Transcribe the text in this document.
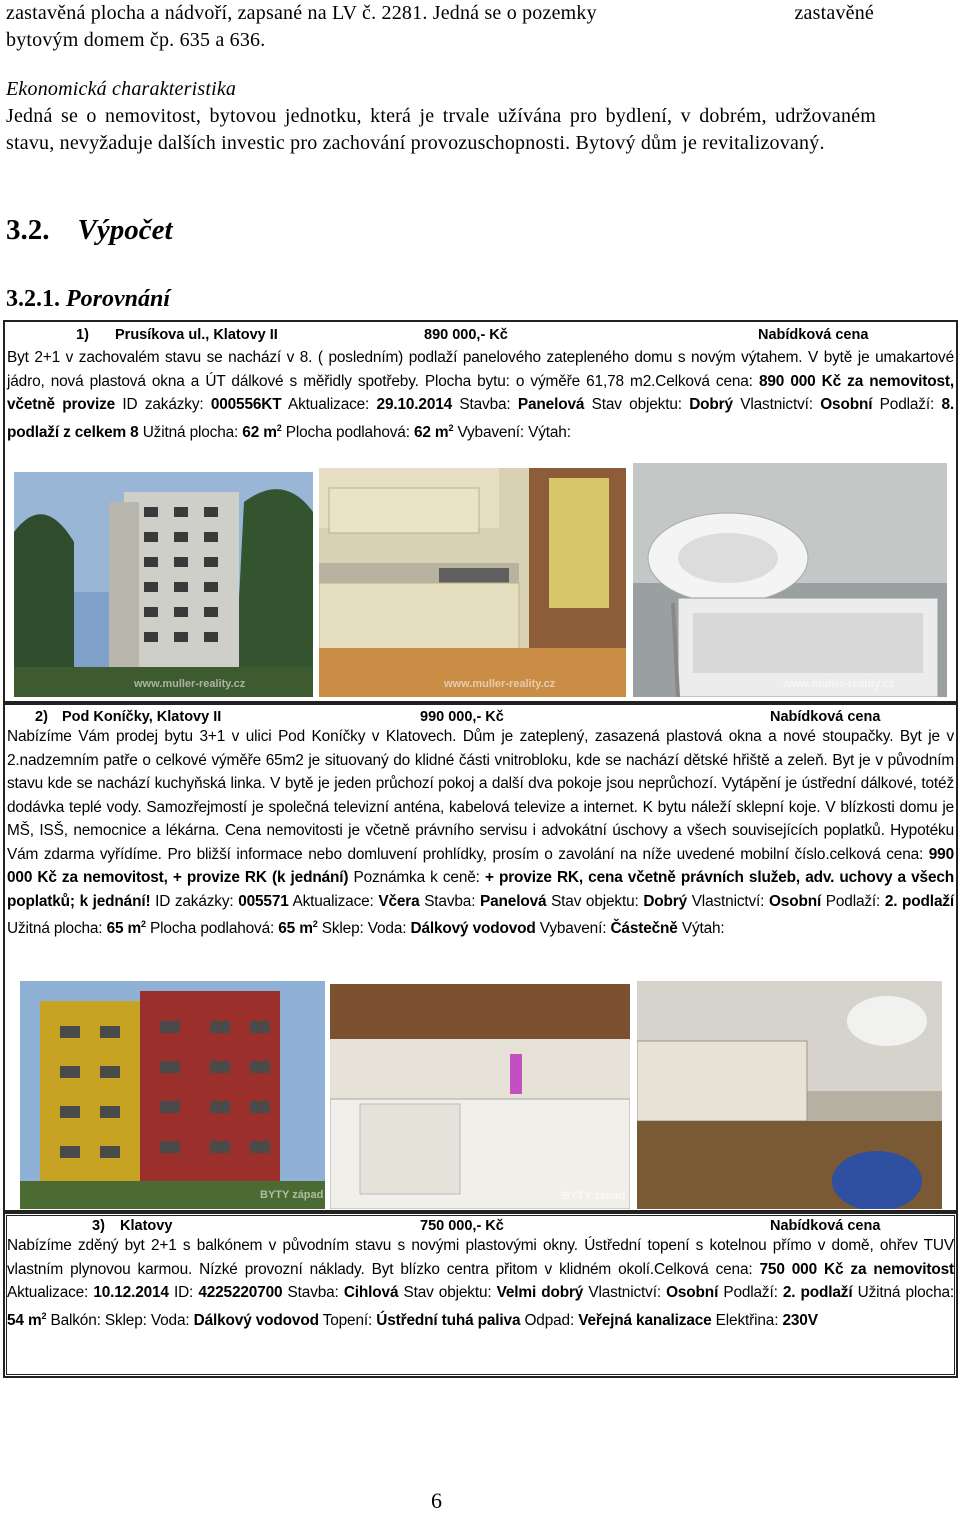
zastavěná plocha a nádvoří, zapsané na LV č. 2281. Jedná se o pozemky	zastavěné

bytovým domem čp. 635 a 636.

Ekonomická charakteristika

Jedná se o nemovitost, bytovou jednotku, která je trvale užívána pro bydlení, v dobrém, udržovaném stavu, nevyžaduje dalších investic pro zachování provozuschopnosti. Bytový dům je revitalizovaný.

3.2. Výpočet
3.2.1. Porovnání
1) Prusíkova ul., Klatovy II	890 000,- Kč	Nabídková cena
Byt 2+1 v zachovalém stavu se nachází v 8. ( posledním) podlaží panelového zatepleného domu s novým výtahem. V bytě je umakartové jádro, nová plastová okna a ÚT dálkové s měřidly spotřeby. Plocha bytu: o výměře 61,78 m2.Celková cena: 890 000 Kč za nemovitost, včetně provize ID zakázky: 000556KT Aktualizace: 29.10.2014 Stavba: Panelová Stav objektu: Dobrý Vlastnictví: Osobní Podlaží: 8. podlaží z celkem 8 Užitná plocha: 62 $m^2$ Plocha podlahová: 62 $m^2$ Vybavení: Výtah:
www.muller-reality.cz	www.muller-reality.cz	www.muller-reality.cz
2) Pod Koníčky, Klatovy II	990 000,- Kč	Nabídková cena
Nabízíme Vám prodej bytu 3+1 v ulici Pod Koníčky v Klatovech. Dům je zateplený, zasazená plastová okna a nové stoupačky. Byt je v 2.nadzemním patře o celkové výměře 65m2 je situovaný do klidné části vnitrobloku, kde se nachází dětské hřiště a zeleň. Byt je v původním stavu kde se nachází kuchyňská linka. V bytě je jeden průchozí pokoj a další dva pokoje jsou neprůchozí. Vytápění je ústřední dálkové, totéž dodávka teplé vody. Samozřejmostí je společná televizní anténa, kabelová televize a internet. K bytu náleží sklepní koje. V blízkosti domu je MŠ, ISŠ, nemocnice a lékárna. Cena nemovitosti je včetně právního servisu i advokátní úschovy a všech souvisejících poplatků. Hypotéku Vám zdarma vyřídíme. Pro bližší informace nebo domluvení prohlídky, prosím o zavolání na níže uvedené mobilní číslo.celková cena: 990 000 Kč za nemovitost, + provize RK (k jednání) Poznámka k ceně: + provize RK, cena včetně právních služeb, adv. uchovy a všech poplatků; k jednání! ID zakázky: 005571 Aktualizace: Včera Stavba: Panelová Stav objektu: Dobrý Vlastnictví: Osobní Podlaží: 2. podlaží Užitná plocha: 65 $m^2$ Plocha podlahová: 65 $m^2$ Sklep: Voda: Dálkový vodovod Vybavení: Částečně Výtah:
BYTY západ	BYTY západ
3) Klatovy	750 000,- Kč	Nabídková cena
Nabízíme zděný byt 2+1 s balkónem v původním stavu s novými plastovými okny. Ústřední topení s kotelnou přímo v domě, ohřev TUV vlastním plynovou karmou. Nízké provozní náklady. Byt blízko centra přitom v klidném okolí.Celková cena: 750 000 Kč za nemovitost Aktualizace: 10.12.2014 ID: 4225220700 Stavba: Cihlová Stav objektu: Velmi dobrý Vlastnictví: Osobní Podlaží: 2. podlaží Užitná plocha: 54 $m^2$ Balkón: Sklep: Voda: Dálkový vodovod Topení: Ústřední tuhá paliva Odpad: Veřejná kanalizace Elektřina: 230V
6
